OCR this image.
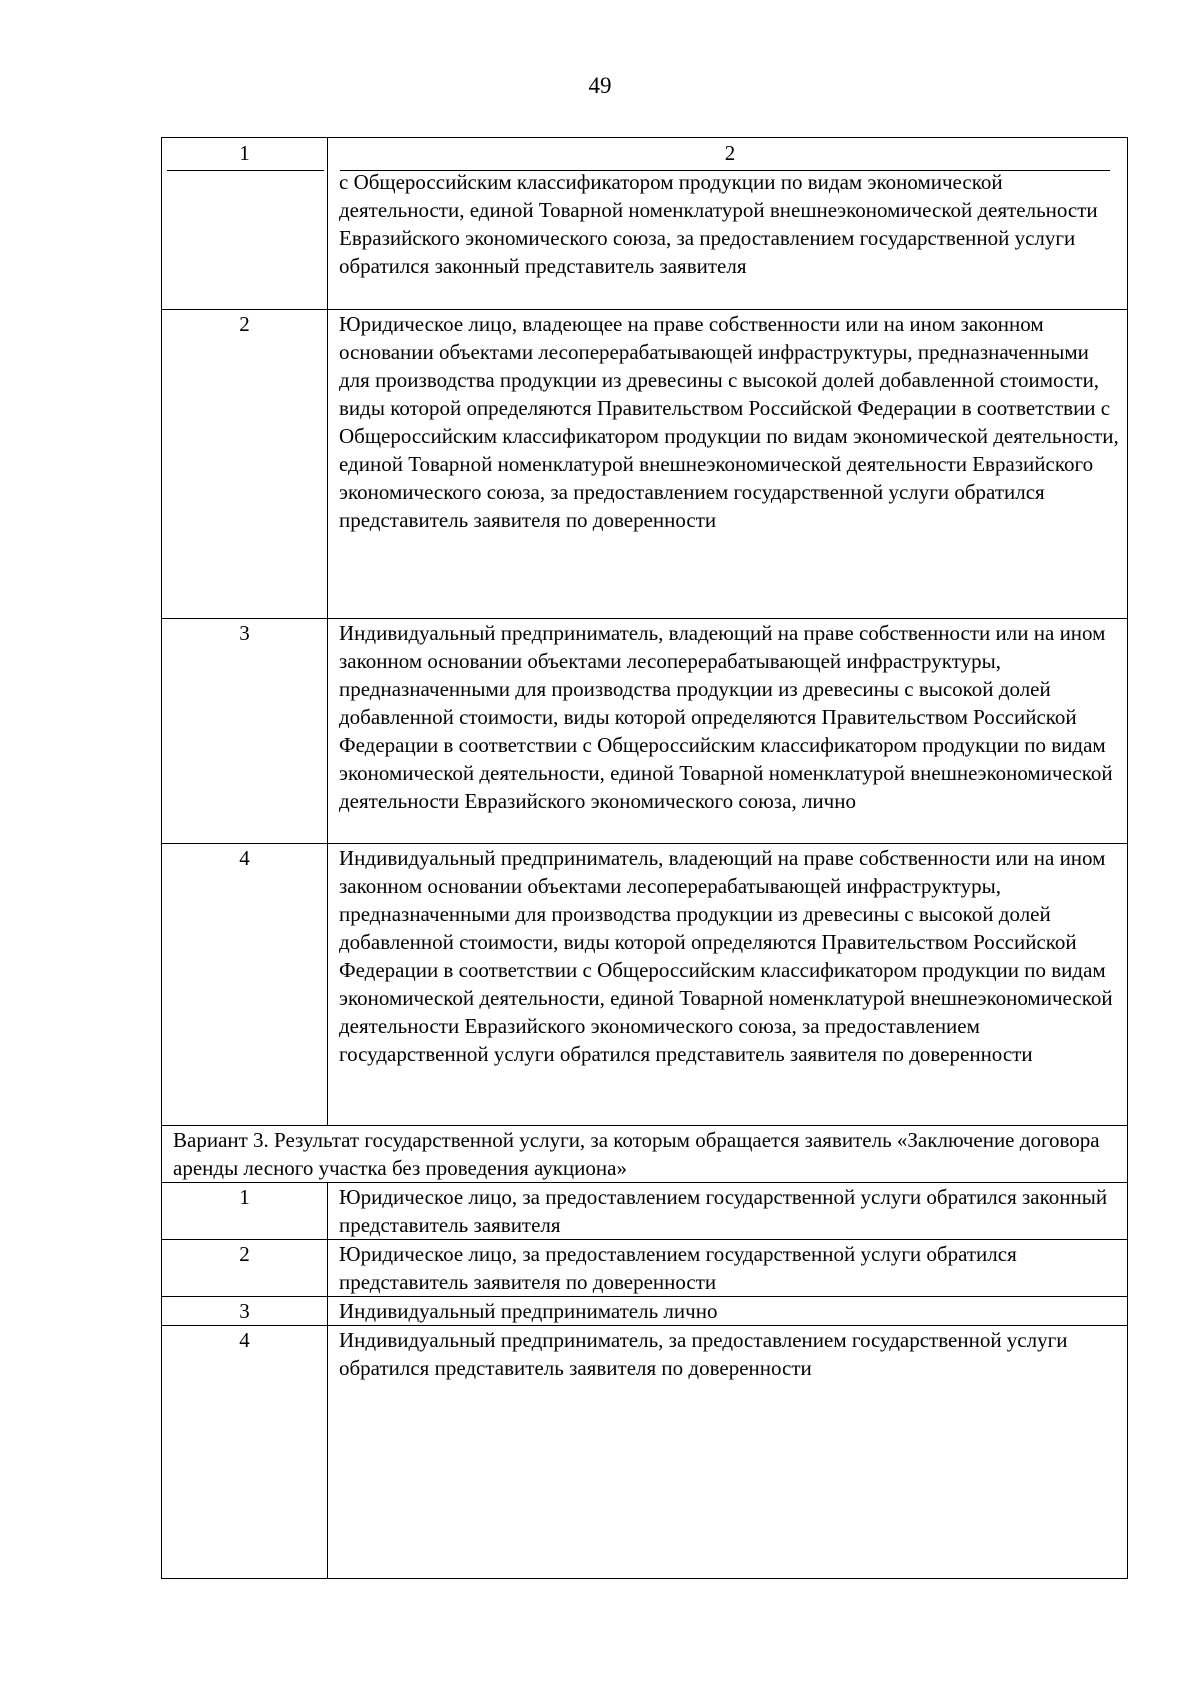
49
1	2
	с Общероссийским классификатором продукции по видам экономической деятельности, единой Товарной номенклатурой внешнеэкономической деятельности Евразийского экономического союза, за предоставлением государственной услуги обратился законный представитель заявителя
2	Юридическое лицо, владеющее на праве собственности или на ином законном основании объектами лесоперерабатывающей инфраструктуры, предназначенными для производства продукции из древесины с высокой долей добавленной стоимости, виды которой определяются Правительством Российской Федерации в соответствии с Общероссийским классификатором продукции по видам экономической деятельности, единой Товарной номенклатурой внешнеэкономической деятельности Евразийского экономического союза, за предоставлением государственной услуги обратился представитель заявителя по доверенности
3	Индивидуальный предприниматель, владеющий на праве собственности или на ином законном основании объектами лесоперерабатывающей инфраструктуры, предназначенными для производства продукции из древесины с высокой долей добавленной стоимости, виды которой определяются Правительством Российской Федерации в соответствии с Общероссийским классификатором продукции по видам экономической деятельности, единой Товарной номенклатурой внешнеэкономической деятельности Евразийского экономического союза, лично
4	Индивидуальный предприниматель, владеющий на праве собственности или на ином законном основании объектами лесоперерабатывающей инфраструктуры, предназначенными для производства продукции из древесины с высокой долей добавленной стоимости, виды которой определяются Правительством Российской Федерации в соответствии с Общероссийским классификатором продукции по видам экономической деятельности, единой Товарной номенклатурой внешнеэкономической деятельности Евразийского экономического союза, за предоставлением государственной услуги обратился представитель заявителя по доверенности
Вариант 3. Результат государственной услуги, за которым обращается заявитель «Заключение договора аренды лесного участка без проведения аукциона»	
1	Юридическое лицо, за предоставлением государственной услуги обратился законный представитель заявителя
2	Юридическое лицо, за предоставлением государственной услуги обратился представитель заявителя по доверенности
3	Индивидуальный предприниматель лично
4	Индивидуальный предприниматель, за предоставлением государственной услуги обратился представитель заявителя по доверенности
